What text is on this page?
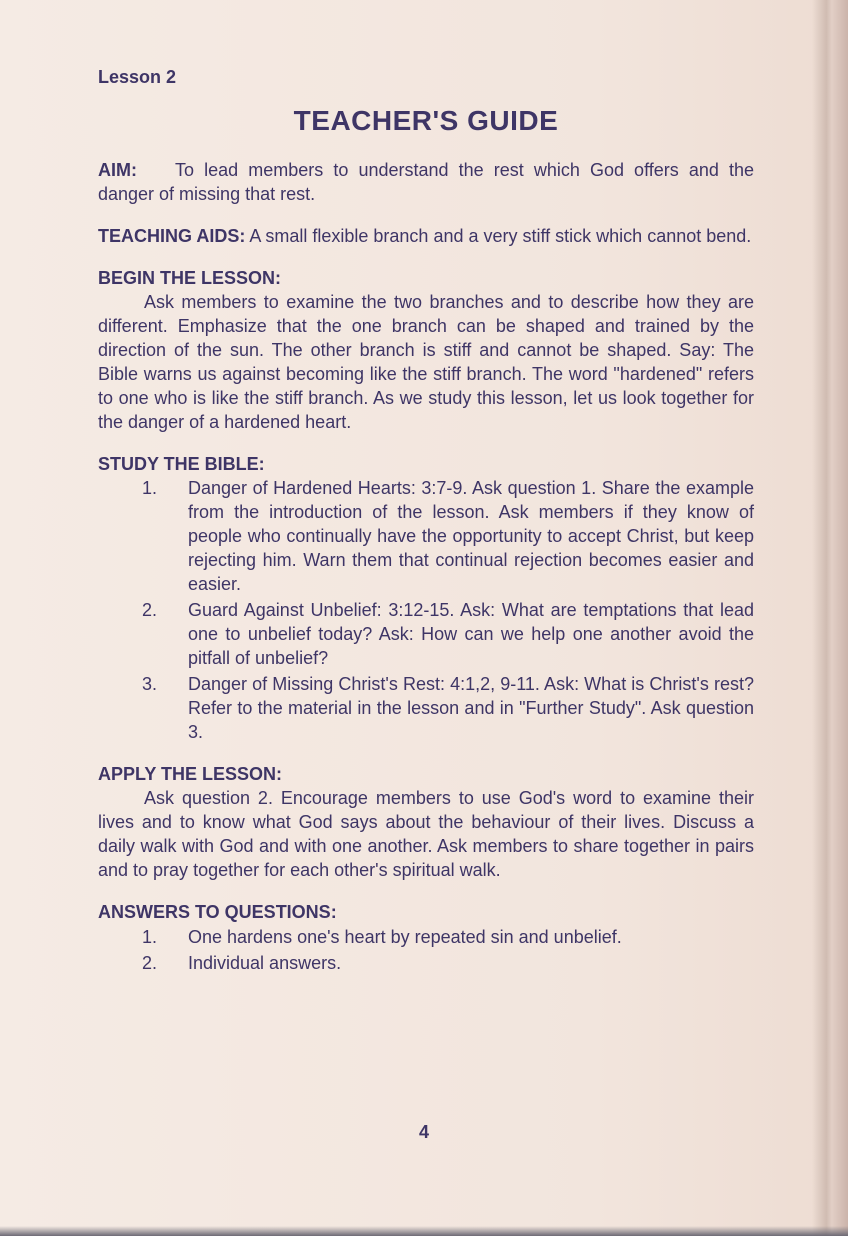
Lesson 2

TEACHER'S GUIDE

AIM: To lead members to understand the rest which God offers and the danger of missing that rest.

TEACHING AIDS: A small flexible branch and a very stiff stick which cannot bend.

BEGIN THE LESSON:

Ask members to examine the two branches and to describe how they are different. Emphasize that the one branch can be shaped and trained by the direction of the sun. The other branch is stiff and cannot be shaped. Say: The Bible warns us against becoming like the stiff branch. The word "hardened" refers to one who is like the stiff branch. As we study this lesson, let us look together for the danger of a hardened heart.

STUDY THE BIBLE:
1.	Danger of Hardened Hearts: 3:7-9. Ask question 1. Share the example from the introduction of the lesson. Ask members if they know of people who continually have the opportunity to accept Christ, but keep rejecting him. Warn them that continual rejection becomes easier and easier.
2.	Guard Against Unbelief: 3:12-15. Ask: What are temptations that lead one to unbelief today? Ask: How can we help one another avoid the pitfall of unbelief?
3.	Danger of Missing Christ's Rest: 4:1,2, 9-11. Ask: What is Christ's rest? Refer to the material in the lesson and in "Further Study". Ask question 3.
APPLY THE LESSON:

Ask question 2. Encourage members to use God's word to examine their lives and to know what God says about the behaviour of their lives. Discuss a daily walk with God and with one another. Ask members to share together in pairs and to pray together for each other's spiritual walk.

ANSWERS TO QUESTIONS:
1.	One hardens one's heart by repeated sin and unbelief.
2.	Individual answers.
4
